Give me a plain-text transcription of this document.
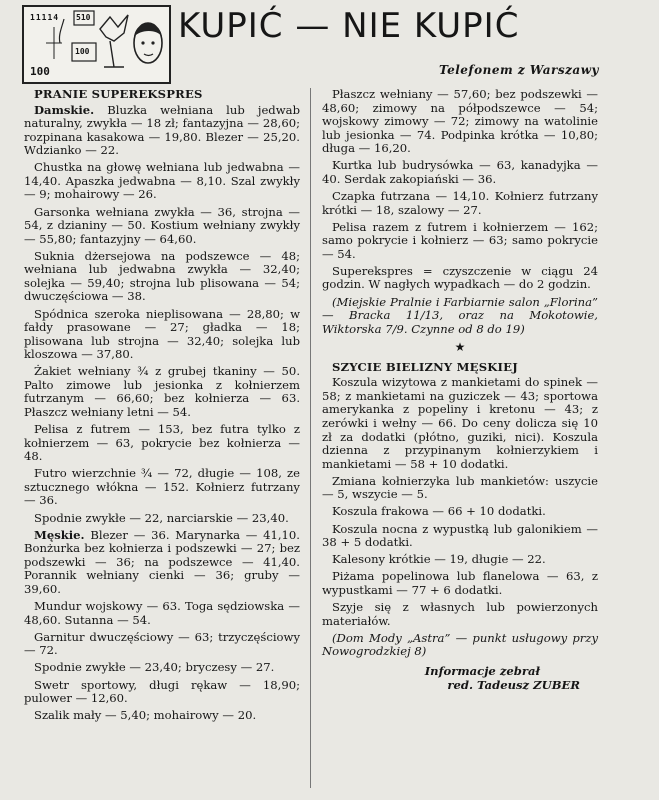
11114 510
100
100
KUPIĆ — NIE KUPIĆ
Telefonem z Warszawy

PRANIE SUPEREKSPRES

Damskie. Bluzka wełniana lub jedwab naturalny, zwykła — 18 zł; fantazyjna — 28,60; rozpinana kasakowa — 19,80. Blezer — 25,20. Wdzianko — 22.

Chustka na głowę wełniana lub jedwabna — 14,40. Apaszka jedwabna — 8,10. Szal zwykły — 9; mohairowy — 26.

Garsonka wełniana zwykła — 36, strojna — 54, z dzianiny — 50. Kostium wełniany zwykły — 55,80; fantazyjny — 64,60.

Suknia dżersejowa na podszewce — 48; wełniana lub jedwabna zwykła — 32,40; solejka — 59,40; strojna lub plisowana — 54; dwuczęściowa — 38.

Spódnica szeroka nieplisowana — 28,80; w fałdy prasowane — 27; gładka — 18; plisowana lub strojna — 32,40; solejka lub kloszowa — 37,80.

Żakiet wełniany ¾ z grubej tkaniny — 50. Palto zimowe lub jesionka z kołnierzem futrzanym — 66,60; bez kołnierza — 63. Płaszcz wełniany letni — 54.

Pelisa z futrem — 153, bez futra tylko z kołnierzem — 63, pokrycie bez kołnierza — 48.

Futro wierzchnie ¾ — 72, długie — 108, ze sztucznego włókna — 152. Kołnierz futrzany — 36.

Spodnie zwykłe — 22, narciarskie — 23,40.

Męskie. Blezer — 36. Marynarka — 41,10. Bonżurka bez kołnierza i podszewki — 27; bez podszewki — 36; na podszewce — 41,40. Porannik wełniany cienki — 36; gruby — 39,60.

Mundur wojskowy — 63. Toga sędziowska — 48,60. Sutanna — 54.

Garnitur dwuczęściowy — 63; trzyczęściowy — 72.

Spodnie zwykłe — 23,40; bryczesy — 27.

Swetr sportowy, długi rękaw — 18,90; pulower — 12,60.

Szalik mały — 5,40; mohairowy — 20.

Płaszcz wełniany — 57,60; bez podszewki — 48,60; zimowy na półpodszewce — 54; wojskowy zimowy — 72; zimowy na watolinie lub jesionka — 74. Podpinka krótka — 10,80; długa — 16,20.

Kurtka lub budrysówka — 63, kanadyjka — 40. Serdak zakopiański — 36.

Czapka futrzana — 14,10. Kołnierz futrzany krótki — 18, szalowy — 27.

Pelisa razem z futrem i kołnierzem — 162; samo pokrycie i kołnierz — 63; samo pokrycie — 54.

Superekspres = czyszczenie w ciągu 24 godzin. W nagłych wypadkach — do 2 godzin.

(Miejskie Pralnie i Farbiarnie salon „Florina” — Bracka 11/13, oraz na Mokotowie, Wiktorska 7/9. Czynne od 8 do 19)

★

SZYCIE BIELIZNY MĘSKIEJ

Koszula wizytowa z mankietami do spinek — 58; z mankietami na guziczek — 43; sportowa amerykanka z popeliny i kretonu — 43; z zerówki i wełny — 66. Do ceny dolicza się 10 zł za dodatki (płótno, guziki, nici). Koszula dzienna z przypinanym kołnierzykiem i mankietami — 58 + 10 dodatki.

Zmiana kołnierzyka lub mankietów: uszycie — 5, wszycie — 5.

Koszula frakowa — 66 + 10 dodatki.

Koszula nocna z wypustką lub galonikiem — 38 + 5 dodatki.

Kalesony krótkie — 19, długie — 22.

Piżama popelinowa lub flanelowa — 63, z wypustkami — 77 + 6 dodatki.

Szyje się z własnych lub powierzonych materiałów.

(Dom Mody „Astra” — punkt usługowy przy Nowogrodzkiej 8)

Informacje zebrał
red. Tadeusz ZUBER
